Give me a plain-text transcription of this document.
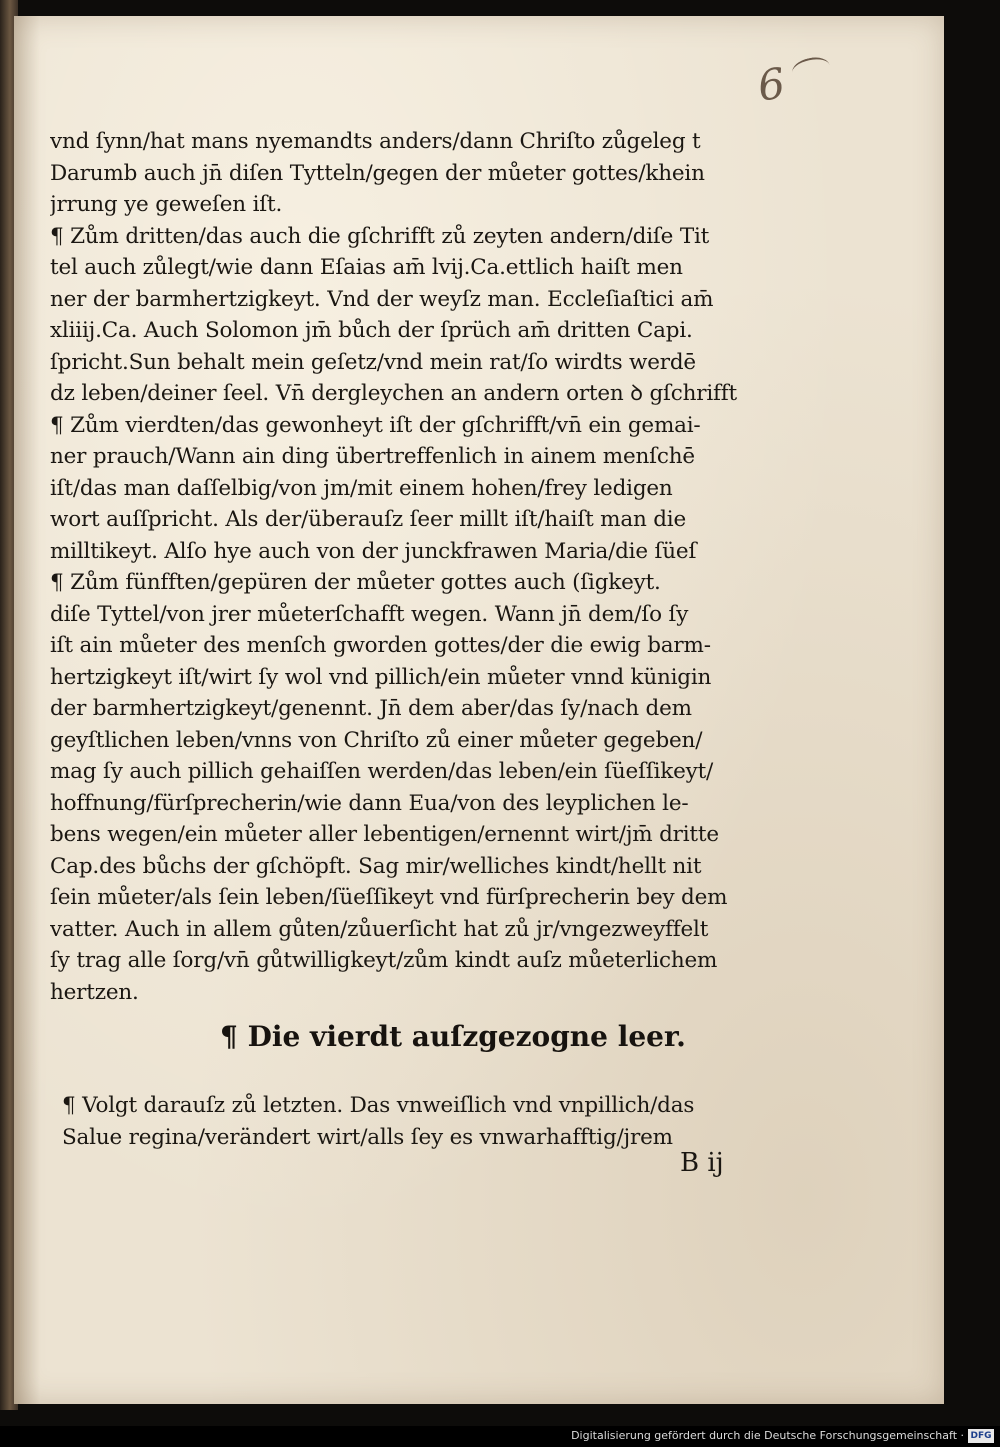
6
vnd ſynn/hat mans nyemandts anders/dann Chriſto zůgeleg t
Darumb auch jn̄ diſen Tytteln/gegen der můeter gottes/khein
jrrung ye geweſen iſt.
¶ Zům dritten/das auch die gſchrifft zů zeyten andern/diſe Tit
tel auch zůlegt/wie dann Eſaias am̄ lvij.Ca.ettlich haiſt men
ner der barmhertzigkeyt. Vnd der weyſz man. Eccleſiaſtici am̄
xliiij.Ca. Auch Solomon jm̄ bůch der ſprüch am̄ dritten Capi.
ſpricht.Sun behalt mein geſetz/vnd mein rat/ſo wirdts werdē
dz leben/deiner ſeel. Vn̄ dergleychen an andern orten ꝺ gſchrifft
¶ Zům vierdten/das gewonheyt iſt der gſchrifft/vn̄ ein gemai-
ner prauch/Wann ain ding übertreffenlich in ainem menſchē
iſt/das man daſſelbig/von jm/mit einem hohen/frey ledigen
wort auſſpricht. Als der/überauſz ſeer millt iſt/haiſt man die
milltikeyt. Alſo hye auch von der junckfrawen Maria/die ſüeſ
¶ Zům fünfften/gepüren der můeter gottes auch (ſigkeyt.
diſe Tyttel/von jrer můeterſchafft wegen. Wann jn̄ dem/ſo ſy
iſt ain můeter des menſch gworden gottes/der die ewig barm-
hertzigkeyt iſt/wirt ſy wol vnd pillich/ein můeter vnnd künigin
der barmhertzigkeyt/genennt. Jn̄ dem aber/das ſy/nach dem
geyſtlichen leben/vnns von Chriſto zů einer můeter gegeben/
mag ſy auch pillich gehaiſſen werden/das leben/ein ſüeſſikeyt/
hoffnung/fürſprecherin/wie dann Eua/von des leyplichen le-
bens wegen/ein můeter aller lebentigen/ernennt wirt/jm̄ dritte
Cap.des bůchs der gſchöpft. Sag mir/welliches kindt/hellt nit
ſein můeter/als ſein leben/ſüeſſikeyt vnd fürſprecherin bey dem
vatter. Auch in allem gůten/zůuerſicht hat zů jr/vngezweyffelt
ſy trag alle ſorg/vn̄ gůtwilligkeyt/zům kindt auſz můeterlichem
hertzen.
¶ Die vierdt auſzgezogne leer.
¶ Volgt darauſz zů letzten. Das vnweiſlich vnd vnpillich/das
Salue regina/verändert wirt/alls ſey es vnwarhafftig/jrem
B ij
Digitalisierung gefördert durch die Deutsche Forschungsgemeinschaft · DFG
